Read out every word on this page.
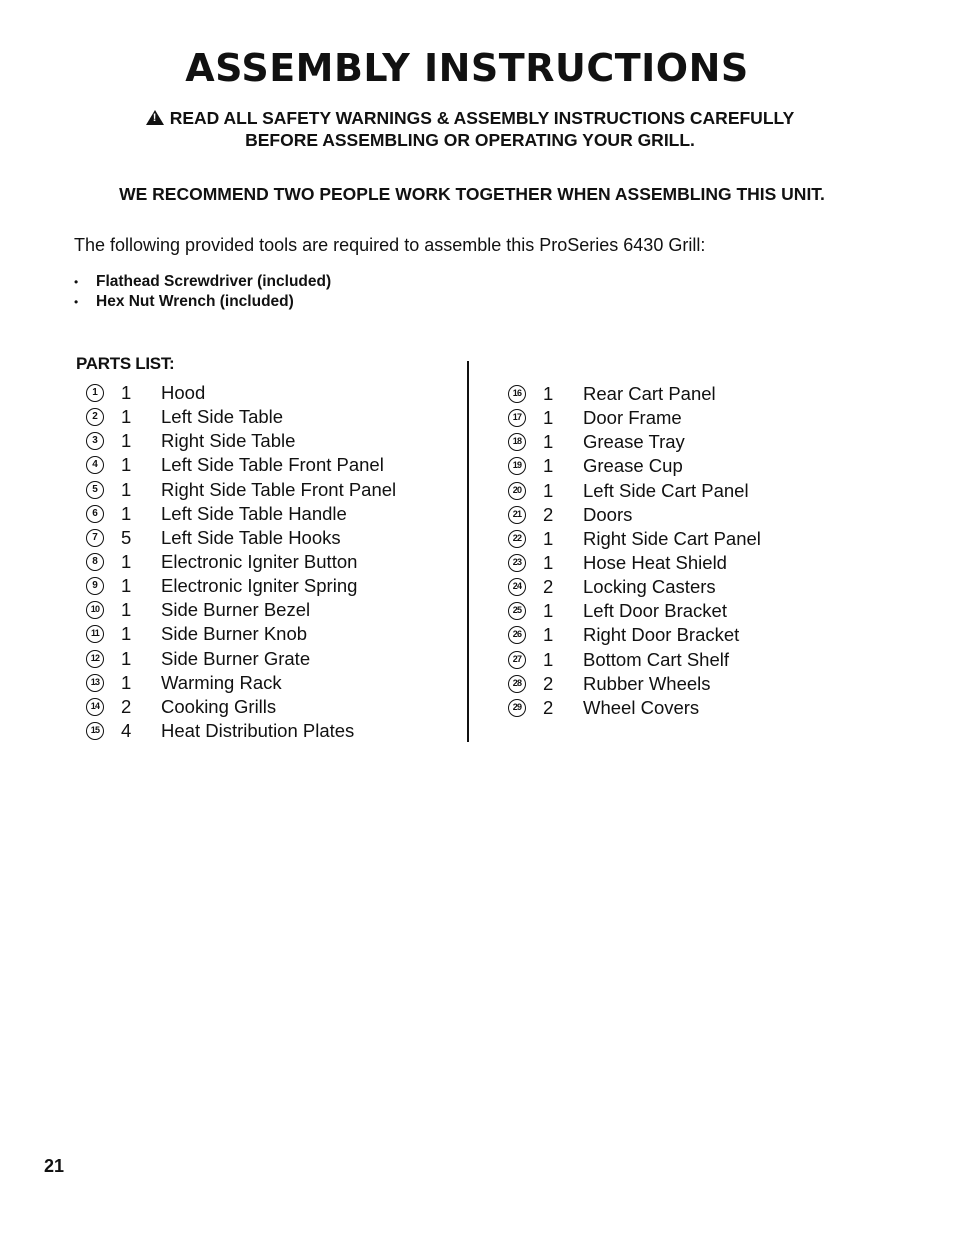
ASSEMBLY INSTRUCTIONS
!READ ALL SAFETY WARNINGS & ASSEMBLY INSTRUCTIONS CAREFULLY
BEFORE ASSEMBLING OR OPERATING YOUR GRILL.
WE RECOMMEND TWO PEOPLE WORK TOGETHER WHEN ASSEMBLING THIS UNIT.
The following provided tools are required to assemble this ProSeries 6430 Grill:
• Flathead Screwdriver (included)
• Hex Nut Wrench (included)
PARTS LIST:
1	1 Hood
2	1 Left Side Table
3	1 Right Side Table
4	1 Left Side Table Front Panel
5	1 Right Side Table Front Panel
6	1 Left Side Table Handle
7	5 Left Side Table Hooks
8	1 Electronic Igniter Button
9	1 Electronic Igniter Spring
10 1 Side Burner Bezel
11 1 Side Burner Knob
12 1 Side Burner Grate
13 1 Warming Rack
14 2 Cooking Grills
15 4 Heat Distribution Plates
16 1 Rear Cart Panel
17 1 Door Frame
18 1 Grease Tray
19 1 Grease Cup
20 1 Left Side Cart Panel
21 2 Doors
22 1 Right Side Cart Panel
23 1 Hose Heat Shield
24 2 Locking Casters
25 1 Left Door Bracket
26 1 Right Door Bracket
27 1 Bottom Cart Shelf
28 2 Rubber Wheels
29 2 Wheel Covers
21
